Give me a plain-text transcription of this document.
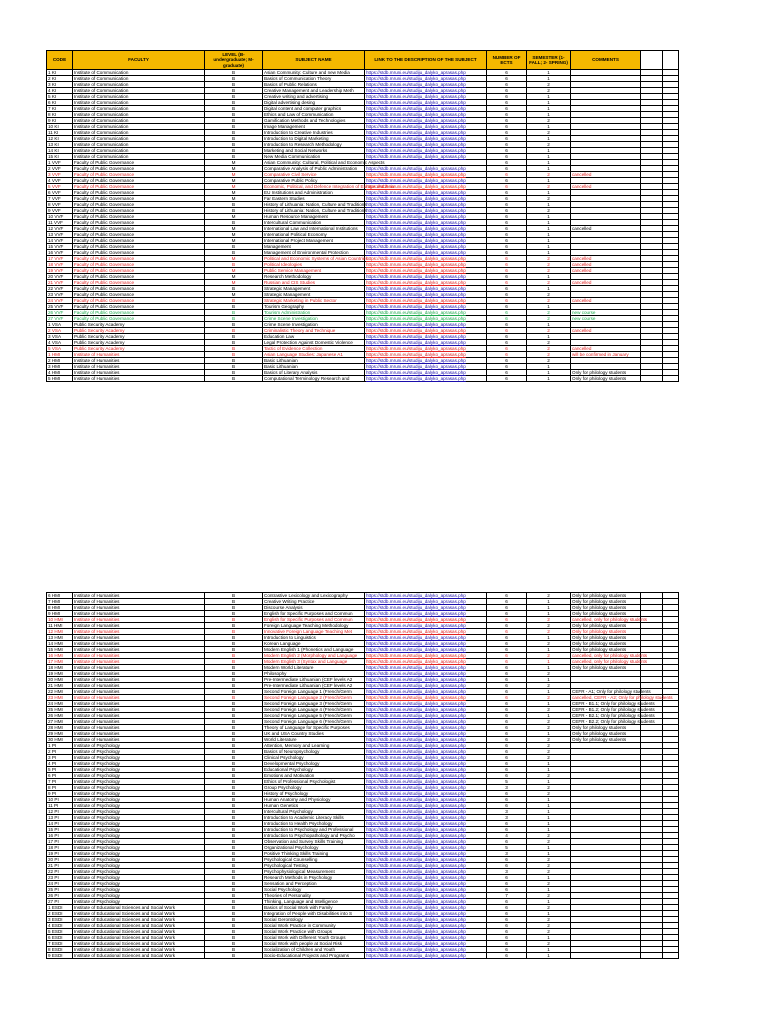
CODE	FACULTY	LEVEL (B- undergraduate; M-graduate)	SUBJECT NAME	LINK TO THE DESCRIPTION OF THE SUBJECT	NUMBER OF ECTS	SEMESTER (1- FALL; 2- SPRING)	COMMENTS		
1 KI	Institute of Communication	B	Asian Community: Culture and new Media	https://stdb.mruni.eu/studiju_dalyko_aprasas.php	6	1			
2 KI	Institute of Communication	B	Basics of Communication Theory	https://stdb.mruni.eu/studiju_dalyko_aprasas.php	6	1			
3 KI	Institute of Communication	B	Basics of Public Relations	https://stdb.mruni.eu/studiju_dalyko_aprasas.php	6	2			
4 KI	Institute of Communication	B	Creative Management and Leadership Meth	https://stdb.mruni.eu/studiju_dalyko_aprasas.php	6	2			
5 KI	Institute of Communication	B	Creative writing and advertising	https://stdb.mruni.eu/studiju_dalyko_aprasas.php	6	1			
6 KI	Institute of Communication	B	Digital advertising desing	https://stdb.mruni.eu/studiju_dalyko_aprasas.php	6	1			
7 KI	Institute of Communication	B	Digital content and computer graphics	https://stdb.mruni.eu/studiju_dalyko_aprasas.php	6	1			
8 KI	Institute of Communication	B	Ethics and Law of Communication	https://stdb.mruni.eu/studiju_dalyko_aprasas.php	6	1			
9 KI	Institute of Communication	B	Gamification Methods and Technologies	https://stdb.mruni.eu/studiju_dalyko_aprasas.php	6	2			
10 KI	Institute of Communication	B	Image Management	https://stdb.mruni.eu/studiju_dalyko_aprasas.php	6	1			
11 KI	Institute of Communication	B	Introduction to Creative Industries	https://stdb.mruni.eu/studiju_dalyko_aprasas.php	6	2			
12 KI	Institute of Communication	B	Introduction to Digital Marketing	https://stdb.mruni.eu/studiju_dalyko_aprasas.php	6	1			
13 KI	Institute of Communication	B	Introduction to Research Methodology	https://stdb.mruni.eu/studiju_dalyko_aprasas.php	6	2			
14 KI	Institute of Communication	B	Marketing and Social Networks	https://stdb.mruni.eu/studiju_dalyko_aprasas.php	6	1			
15 KI	Institute of Communication	B	New Media Communication	https://stdb.mruni.eu/studiju_dalyko_aprasas.php	6	1			
1 VVF	Faculty of Public Governance	M	Asian Community: Cultural, Political and Economic Aspects		6	1			
2 VVF	Faculty of Public Governance	M	Comparative Analysis of Public Administration	https://stdb.mruni.eu/studiju_dalyko_aprasas.php	6	1			
3 VVF	Faculty of Public Governance	M	Comparative Civil Service	https://stdb.mruni.eu/studiju_dalyko_aprasas.php	6	2	cancelled		
4 VVF	Faculty of Public Governance	M	Comparative Public Policy	https://stdb.mruni.eu/studiju_dalyko_aprasas.php	6	1			
5 VVF	Faculty of Public Governance	M	Economic, Political, and Defence Integration of Europe and Asia	https://stdb.mruni.eu/studiju_dalyko_aprasas.php	6	2	cancelled		
6 VVF	Faculty of Public Governance	M	EU Institutions and Administration	https://stdb.mruni.eu/studiju_dalyko_aprasas.php	6	1			
7 VVF	Faculty of Public Governance	M	Far Eastern Studies	https://stdb.mruni.eu/studiju_dalyko_aprasas.php	6	2			
8 VVF	Faculty of Public Governance	B	History of Lithuania: Nation, Culture and Traditions	https://stdb.mruni.eu/studiju_dalyko_aprasas.php	6	1			
9 VVF	Faculty of Public Governance	B	History of Lithuania: Nation, Culture and Traditions	https://stdb.mruni.eu/studiju_dalyko_aprasas.php	6	2			
10 VVF	Faculty of Public Governance	M	Human Resource Management	https://stdb.mruni.eu/studiju_dalyko_aprasas.php	6	1			
11 VVF	Faculty of Public Governance	B	Intercultural Communication	https://stdb.mruni.eu/studiju_dalyko_aprasas.php	6	1			
12 VVF	Faculty of Public Governance	M	International Law and International Institutions	https://stdb.mruni.eu/studiju_dalyko_aprasas.php	6	1	cancelled		
13 VVF	Faculty of Public Governance	M	International Political Economy	https://stdb.mruni.eu/studiju_dalyko_aprasas.php	6	1			
14 VVF	Faculty of Public Governance	M	International Project Management	https://stdb.mruni.eu/studiju_dalyko_aprasas.php	6	1			
15 VVF	Faculty of Public Governance	B	Management	https://stdb.mruni.eu/studiju_dalyko_aprasas.php	6	1			
16 VVF	Faculty of Public Governance	B	Management of Environmental Protection	https://stdb.mruni.eu/studiju_dalyko_aprasas.php	6	1			
17 VVF	Faculty of Public Governance	M	Political and Economic Systems of Asian Countries	https://stdb.mruni.eu/studiju_dalyko_aprasas.php	6	2	cancelled		
18 VVF	Faculty of Public Governance	B	Political Ideologies	https://stdb.mruni.eu/studiju_dalyko_aprasas.php	6	2	cancelled		
19 VVF	Faculty of Public Governance	M	Public Service Management	https://stdb.mruni.eu/studiju_dalyko_aprasas.php	6	2	cancelled		
20 VVF	Faculty of Public Governance	M	Research Methodology	https://stdb.mruni.eu/studiju_dalyko_aprasas.php	6	1			
21 VVF	Faculty of Public Governance	M	Russian and CIS Studies	https://stdb.mruni.eu/studiju_dalyko_aprasas.php	6	2	cancelled		
22 VVF	Faculty of Public Governance	B	Strategic Management	https://stdb.mruni.eu/studiju_dalyko_aprasas.php	6	1			
23 VVF	Faculty of Public Governance	M	Strategic Management	https://stdb.mruni.eu/studiju_dalyko_aprasas.php	6	2			
24 VVF	Faculty of Public Governance	B	Strategic Marketing in Public Sector	https://stdb.mruni.eu/studiju_dalyko_aprasas.php	6	2	cancelled		
25 VVF	Faculty of Public Governance	B	Tourism Geography	https://stdb.mruni.eu/studiju_dalyko_aprasas.php	6	1			
26 VVF	Faculty of Public Governance	B	Tourism Administration	https://stdb.mruni.eu/studiju_dalyko_aprasas.php	6	2	new course		
27 VVF	Faculty of Public Governance	B	Crime Scene Investigation	https://stdb.mruni.eu/studiju_dalyko_aprasas.php	6	2	new course		
1 VSA	Public Security Academy	B	Crime Scene Investigation	https://stdb.mruni.eu/studiju_dalyko_aprasas.php	6	1			
2 VSA	Public Security Academy	B	Criminalistic Theory and Technique	https://stdb.mruni.eu/studiju_dalyko_aprasas.php	6	2	cancelled		
3 VSA	Public Security Academy	B	Education Law	https://stdb.mruni.eu/studiju_dalyko_aprasas.php	6	1			
4 VSA	Public Security Academy	B	Legal Protection Against Domestic Violence	https://stdb.mruni.eu/studiju_dalyko_aprasas.php	6	2			
5 VSA	Public Security Academy	B	Tactic of Evidence Collection	https://stdb.mruni.eu/studiju_dalyko_aprasas.php	6	2	cancelled		
1 HMI	Institute of Humanities	B	Asian Language Studies: Japanese A1	https://stdb.mruni.eu/studiju_dalyko_aprasas.php	6	2	will be confirmed in January		
2 HMI	Institute of Humanities	B	Basic Lithuanian	https://stdb.mruni.eu/studiju_dalyko_aprasas.php	6	2			
3 HMI	Institute of Humanities	B	Basic Lithuanian	https://stdb.mruni.eu/studiju_dalyko_aprasas.php	6	1			
4 HMI	Institute of Humanities	B	Basics of Literary Analysis	https://stdb.mruni.eu/studiju_dalyko_aprasas.php	6	1	Only for philology students		
5 HMI	Institute of Humanities	B	Computational Terminology Research and	https://stdb.mruni.eu/studiju_dalyko_aprasas.php	6	1	Only for philology students		
6 HMI	Institute of Humanities	B	Contrastive Lexicology and Lexicography	https://stdb.mruni.eu/studiju_dalyko_aprasas.php	6	2	Only for philology students		
7 HMI	Institute of Humanities	B	Creative Writing Practice	https://stdb.mruni.eu/studiju_dalyko_aprasas.php	6	1	Only for philology students		
8 HMI	Institute of Humanities	B	Discourse Analysis	https://stdb.mruni.eu/studiju_dalyko_aprasas.php	6	1	Only for philology students		
9 HMI	Institute of Humanities	B	English for Specific Purposes and Commun	https://stdb.mruni.eu/studiju_dalyko_aprasas.php	6	1	Only for philology students		
10 HMI	Institute of Humanities	B	English for Specific Purposes and Commun	https://stdb.mruni.eu/studiju_dalyko_aprasas.php	6	2	cancelled, only for philology students		
11 HMI	Institute of Humanities	B	Foreign Language Teaching Methodology	https://stdb.mruni.eu/studiju_dalyko_aprasas.php	6	2	Only for philology students		
12 HMI	Institute of Humanities	B	Innovative Foreign Language Teaching Met	https://stdb.mruni.eu/studiju_dalyko_aprasas.php	6	2	Only for philology students		
13 HMI	Institute of Humanities	B	Introduction to Linguistics	https://stdb.mruni.eu/studiju_dalyko_aprasas.php	6	1	Only for philology students		
14 HMI	Institute of Humanities	B	Korean Language	https://stdb.mruni.eu/studiju_dalyko_aprasas.php	6	2	Only for philology students		
15 HMI	Institute of Humanities	B	Modern English 1 (Phonetics and Language	https://stdb.mruni.eu/studiju_dalyko_aprasas.php	6	1	Only for philology students		
16 HMI	Institute of Humanities	B	Modern English 2 (Morphology and Language	https://stdb.mruni.eu/studiju_dalyko_aprasas.php	6	2	cancelled, only for philology students		
17 HMI	Institute of Humanities	B	Modern English 3 (Syntax and Language	https://stdb.mruni.eu/studiju_dalyko_aprasas.php	6	1	cancelled, only for philology students		
18 HMI	Institute of Humanities	B	Modern World Literature	https://stdb.mruni.eu/studiju_dalyko_aprasas.php	6	1	Only for philology students		
19 HMI	Institute of Humanities	B	Philosophy	https://stdb.mruni.eu/studiju_dalyko_aprasas.php	6	2			
20 HMI	Institute of Humanities	B	Pre-Intermediate Lithuanian (CEF levels A2	https://stdb.mruni.eu/studiju_dalyko_aprasas.php	6	1			
21 HMI	Institute of Humanities	B	Pre-Intermediate Lithuanian (CEF levels A2	https://stdb.mruni.eu/studiju_dalyko_aprasas.php	6	2			
22 HMI	Institute of Humanities	B	Second Foreign Language 1 (French/Germ	https://stdb.mruni.eu/studiju_dalyko_aprasas.php	6	1	CEFR - A1; Only for philology students		
23 HMI	Institute of Humanities	B	Second Foreign Language 2 (French/Germ	https://stdb.mruni.eu/studiju_dalyko_aprasas.php	6	2	cancelled, CEFR - A2; Only for philology students		
24 HMI	Institute of Humanities	B	Second Foreign Language 3 (French/Germ	https://stdb.mruni.eu/studiju_dalyko_aprasas.php	6	1	CEFR - B1.1; Only for philology students		
25 HMI	Institute of Humanities	B	Second Foreign Language 4 (French/Germ	https://stdb.mruni.eu/studiju_dalyko_aprasas.php	6	2	CEFR - B1.2; Only for philology students		
26 HMI	Institute of Humanities	B	Second Foreign Language 5 (French/Germ	https://stdb.mruni.eu/studiju_dalyko_aprasas.php	6	1	CEFR - B2.1; Only for philology students		
27 HMI	Institute of Humanities	B	Second Foreign Language 6 (French/Germ	https://stdb.mruni.eu/studiju_dalyko_aprasas.php	6	2	CEFR - B2.2; Only for philology students		
28 HMI	Institute of Humanities	B	Theory of Language for Specific Purposes	https://stdb.mruni.eu/studiju_dalyko_aprasas.php	6	2	Only for philology students		
29 HMI	Institute of Humanities	B	UK and USA Country Studies	https://stdb.mruni.eu/studiju_dalyko_aprasas.php	6	1	Only for philology students		
30 HMI	Institute of Humanities	B	World Literature	https://stdb.mruni.eu/studiju_dalyko_aprasas.php	6	2	Only for philology students		
1 PI	Institute of Psychology	B	Attention, Memory and Learning	https://stdb.mruni.eu/studiju_dalyko_aprasas.php	6	2			
2 PI	Institute of Psychology	B	Basics of Neuropsychology	https://stdb.mruni.eu/studiju_dalyko_aprasas.php	6	2			
3 PI	Institute of Psychology	B	Clinical Psychology	https://stdb.mruni.eu/studiju_dalyko_aprasas.php	6	2			
4 PI	Institute of Psychology	B	Developmental Psychology	https://stdb.mruni.eu/studiju_dalyko_aprasas.php	6	1			
5 PI	Institute of Psychology	B	Educational Psychology	https://stdb.mruni.eu/studiju_dalyko_aprasas.php	6	1			
6 PI	Institute of Psychology	B	Emotions and Motivation	https://stdb.mruni.eu/studiju_dalyko_aprasas.php	6	2			
7 PI	Institute of Psychology	B	Ethics of Professional Psychologist	https://stdb.mruni.eu/studiju_dalyko_aprasas.php	5	1			
8 PI	Institute of Psychology	B	Group Psychology	https://stdb.mruni.eu/studiju_dalyko_aprasas.php	3	2			
9 PI	Institute of Psychology	B	History of Psychology	https://stdb.mruni.eu/studiju_dalyko_aprasas.php	6	2			
10 PI	Institute of Psychology	B	Human Anatomy and Physiology	https://stdb.mruni.eu/studiju_dalyko_aprasas.php	6	1			
11 PI	Institute of Psychology	B	Human Genetics	https://stdb.mruni.eu/studiju_dalyko_aprasas.php	6	1			
12 PI	Institute of Psychology	B	Intercultural Psychology	https://stdb.mruni.eu/studiju_dalyko_aprasas.php	3	1			
13 PI	Institute of Psychology	B	Introduction to Academic Literacy Skills	https://stdb.mruni.eu/studiju_dalyko_aprasas.php	3	1			
14 PI	Institute of Psychology	B	Introduction to Health Psychology	https://stdb.mruni.eu/studiju_dalyko_aprasas.php	6	1			
15 PI	Institute of Psychology	B	Introduction to Psychology and Professional	https://stdb.mruni.eu/studiju_dalyko_aprasas.php	6	1			
16 PI	Institute of Psychology	B	Introduction to Psychopathology and Psycho	https://stdb.mruni.eu/studiju_dalyko_aprasas.php	4	2			
17 PI	Institute of Psychology	B	Observation and Survey Skills Training	https://stdb.mruni.eu/studiju_dalyko_aprasas.php	6	2			
18 PI	Institute of Psychology	B	Organizational Psychology	https://stdb.mruni.eu/studiju_dalyko_aprasas.php	5	1			
19 PI	Institute of Psychology	B	Positive Thinking Skills Training	https://stdb.mruni.eu/studiju_dalyko_aprasas.php	3	1			
20 PI	Institute of Psychology	B	Psychological Counselling	https://stdb.mruni.eu/studiju_dalyko_aprasas.php	6	2			
21 PI	Institute of Psychology	B	Psychological Testing	https://stdb.mruni.eu/studiju_dalyko_aprasas.php	6	2			
22 PI	Institute of Psychology	B	Psychophysiological Measurement	https://stdb.mruni.eu/studiju_dalyko_aprasas.php	3	2			
23 PI	Institute of Psychology	B	Research Methods in Psychology	https://stdb.mruni.eu/studiju_dalyko_aprasas.php	6	1			
24 PI	Institute of Psychology	B	Sensation and Perception	https://stdb.mruni.eu/studiju_dalyko_aprasas.php	6	2			
25 PI	Institute of Psychology	B	Social Psychology	https://stdb.mruni.eu/studiju_dalyko_aprasas.php	6	1			
26 PI	Institute of Psychology	B	Theories of Personality	https://stdb.mruni.eu/studiju_dalyko_aprasas.php	7	2			
27 PI	Institute of Psychology	B	Thinking, Language and Intelligence	https://stdb.mruni.eu/studiju_dalyko_aprasas.php	6	1			
1 ESDI	Institute of Educational Sciences and Social Work	B	Basics of Social Work with Family	https://stdb.mruni.eu/studiju_dalyko_aprasas.php	6	2			
2 ESDI	Institute of Educational Sciences and Social Work	B	Integration of People with Disabilities into S	https://stdb.mruni.eu/studiju_dalyko_aprasas.php	6	1			
3 ESDI	Institute of Educational Sciences and Social Work	B	Social Gerontology	https://stdb.mruni.eu/studiju_dalyko_aprasas.php	6	2			
4 ESDI	Institute of Educational Sciences and Social Work	B	Social Work Practice in Community	https://stdb.mruni.eu/studiju_dalyko_aprasas.php	6	2			
5 ESDI	Institute of Educational Sciences and Social Work	B	Social Work Practice with Groups	https://stdb.mruni.eu/studiju_dalyko_aprasas.php	6	2			
6 ESDI	Institute of Educational Sciences and Social Work	B	Social Work with Different Youth Groups	https://stdb.mruni.eu/studiju_dalyko_aprasas.php	6	1			
7 ESDI	Institute of Educational Sciences and Social Work	B	Social Work with people at Social Risk	https://stdb.mruni.eu/studiju_dalyko_aprasas.php	6	2			
8 ESDI	Institute of Educational Sciences and Social Work	B	Socialization of Children and Youth	https://stdb.mruni.eu/studiju_dalyko_aprasas.php	6	1			
9 ESDI	Institute of Educational Sciences and Social Work	B	Socio-Educational Projects and Programs	https://stdb.mruni.eu/studiju_dalyko_aprasas.php	6	1			
